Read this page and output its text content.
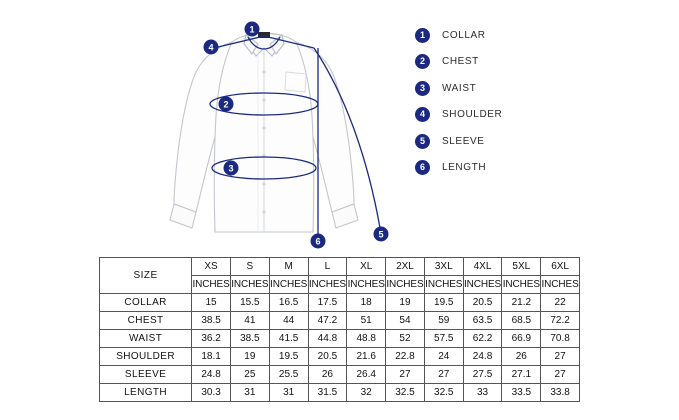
1
4
2
3
5
6
1	COLLAR
2	CHEST
3	WAIST
4	SHOULDER
5	SLEEVE
6	LENGTH
SIZE	XS	S	M	L	XL	2XL	3XL	4XL	5XL	6XL
	INCHES	INCHES	INCHES	INCHES	INCHES	INCHES	INCHES	INCHES	INCHES	INCHES
COLLAR	15	15.5	16.5	17.5	18	19	19.5	20.5	21.2	22
CHEST	38.5	41	44	47.2	51	54	59	63.5	68.5	72.2
WAIST	36.2	38.5	41.5	44.8	48.8	52	57.5	62.2	66.9	70.8
SHOULDER	18.1	19	19.5	20.5	21.6	22.8	24	24.8	26	27
SLEEVE	24.8	25	25.5	26	26.4	27	27	27.5	27.1	27
LENGTH	30.3	31	31	31.5	32	32.5	32.5	33	33.5	33.8
